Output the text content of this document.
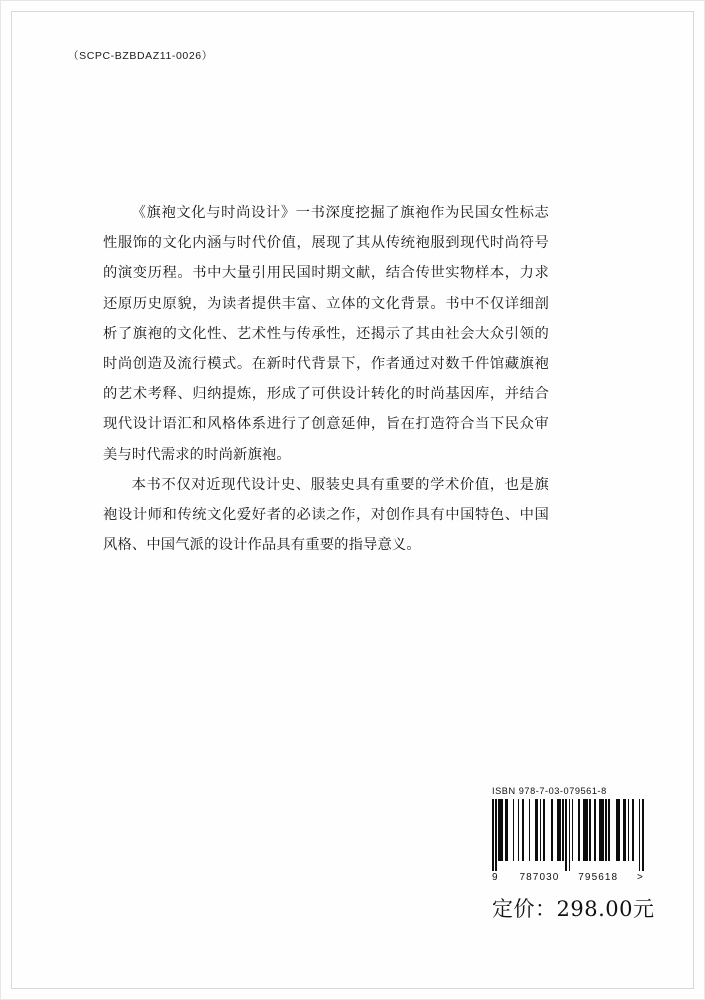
（SCPC-BZBDAZ11-0026）

《旗袍文化与时尚设计》一书深度挖掘了旗袍作为民国女性标志性服饰的文化内涵与时代价值，展现了其从传统袍服到现代时尚符号的演变历程。书中大量引用民国时期文献，结合传世实物样本，力求还原历史原貌，为读者提供丰富、立体的文化背景。书中不仅详细剖析了旗袍的文化性、艺术性与传承性，还揭示了其由社会大众引领的时尚创造及流行模式。在新时代背景下，作者通过对数千件馆藏旗袍的艺术考释、归纳提炼，形成了可供设计转化的时尚基因库，并结合现代设计语汇和风格体系进行了创意延伸，旨在打造符合当下民众审美与时代需求的时尚新旗袍。

本书不仅对近现代设计史、服装史具有重要的学术价值，也是旗袍设计师和传统文化爱好者的必读之作，对创作具有中国特色、中国风格、中国气派的设计作品具有重要的指导意义。

ISBN 978-7-03-079561-8
9 787030 795618 >
定价：298.00元
